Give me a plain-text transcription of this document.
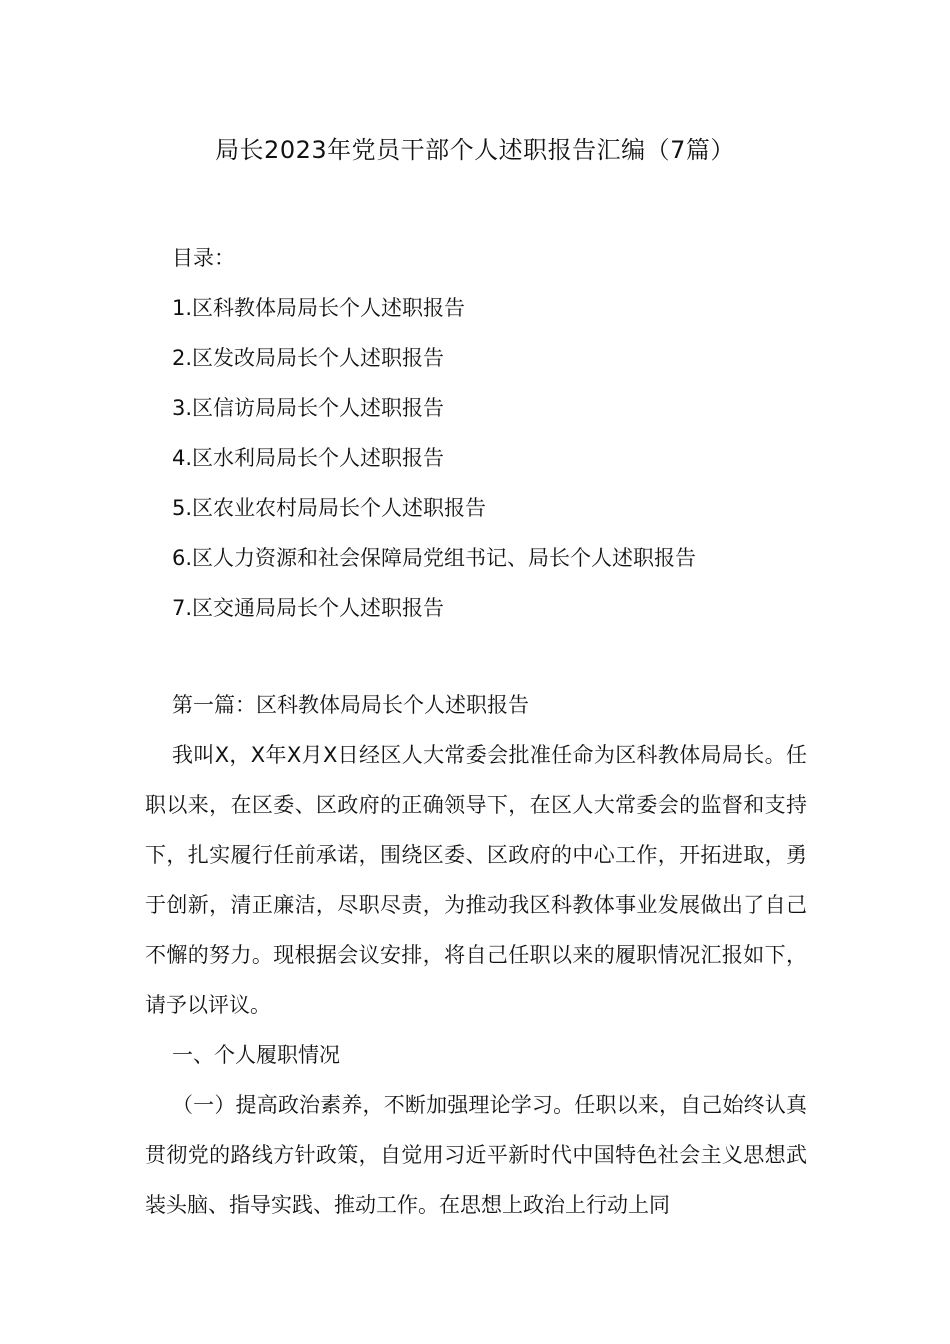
局长2023年党员干部个人述职报告汇编（7篇）
目录：
1.区科教体局局长个人述职报告
2.区发改局局长个人述职报告
3.区信访局局长个人述职报告
4.区水利局局长个人述职报告
5.区农业农村局局长个人述职报告
6.区人力资源和社会保障局党组书记、局长个人述职报告
7.区交通局局长个人述职报告

第一篇：区科教体局局长个人述职报告

我叫X，X年X月X日经区人大常委会批准任命为区科教体局局长。任职以来，在区委、区政府的正确领导下，在区人大常委会的监督和支持下，扎实履行任前承诺，围绕区委、区政府的中心工作，开拓进取，勇于创新，清正廉洁，尽职尽责，为推动我区科教体事业发展做出了自己不懈的努力。现根据会议安排，将自己任职以来的履职情况汇报如下，请予以评议。

一、个人履职情况

（一）提高政治素养，不断加强理论学习。任职以来，自己始终认真贯彻党的路线方针政策，自觉用习近平新时代中国特色社会主义思想武装头脑、指导实践、推动工作。在思想上政治上行动上同
